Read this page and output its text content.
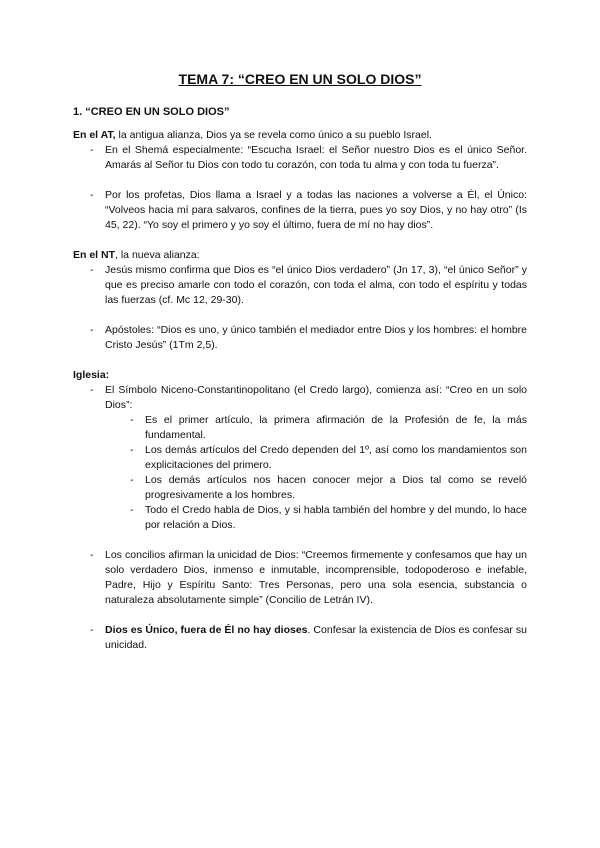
TEMA 7: “CREO EN UN SOLO DIOS”
1. “CREO EN UN SOLO DIOS”

En el AT, la antigua alianza, Dios ya se revela como único a su pueblo Israel.

- En el Shemá especialmente: “Escucha Israel: el Señor nuestro Dios es el único Señor. Amarás al Señor tu Dios con todo tu corazón, con toda tu alma y con toda tu fuerza”.
- Por los profetas, Dios llama a Israel y a todas las naciones a volverse a Él, el Único: “Volveos hacia mí para salvaros, confines de la tierra, pues yo soy Dios, y no hay otro” (Is 45, 22). “Yo soy el primero y yo soy el último, fuera de mí no hay dios”.

En el NT, la nueva alianza:

- Jesús mismo confirma que Dios es “el único Dios verdadero” (Jn 17, 3), “el único Señor” y que es preciso amarle con todo el corazón, con toda el alma, con todo el espíritu y todas las fuerzas (cf. Mc 12, 29-30).
- Apóstoles: “Dios es uno, y único también el mediador entre Dios y los hombres: el hombre Cristo Jesús” (1Tm 2,5).

Iglesia:

- El Símbolo Niceno-Constantinopolitano (el Credo largo), comienza así: “Creo en un solo Dios”:
- Es el primer artículo, la primera afirmación de la Profesión de fe, la más fundamental.
- Los demás artículos del Credo dependen del 1º, así como los mandamientos son explicitaciones del primero.
- Los demás artículos nos hacen conocer mejor a Dios tal como se reveló progresivamente a los hombres.
- Todo el Credo habla de Dios, y si habla también del hombre y del mundo, lo hace por relación a Dios.
- Los concilios afirman la unicidad de Dios: “Creemos firmemente y confesamos que hay un solo verdadero Dios, inmenso e inmutable, incomprensible, todopoderoso e inefable, Padre, Hijo y Espíritu Santo: Tres Personas, pero una sola esencia, substancia o naturaleza absolutamente simple” (Concilio de Letrán IV).
- Dios es Único, fuera de Él no hay dioses. Confesar la existencia de Dios es confesar su unicidad.
